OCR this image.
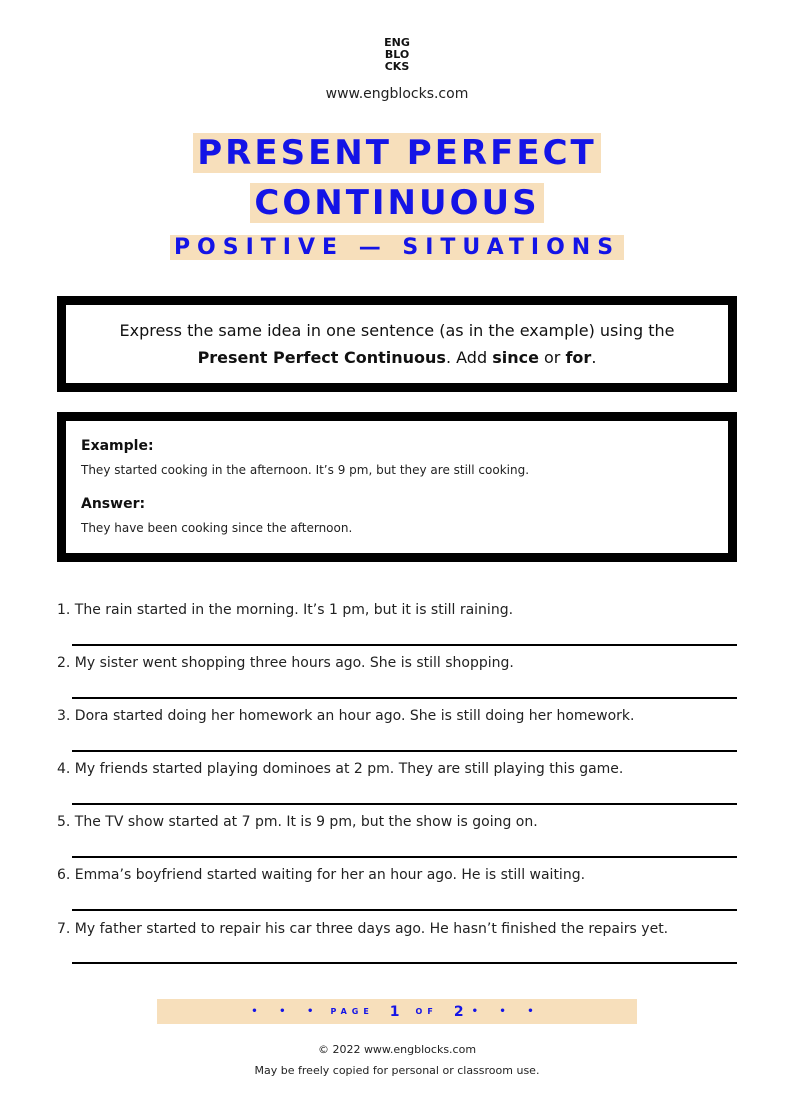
ENG
BLO
CKS
www.engblocks.com
PRESENT PERFECT
CONTINUOUS
POSITIVE — SITUATIONS
Express the same idea in one sentence (as in the example) using the
Present Perfect Continuous. Add since or for.
Example:
They started cooking in the afternoon. It’s 9 pm, but they are still cooking.
Answer:
They have been cooking since the afternoon.
1. The rain started in the morning. It’s 1 pm, but it is still raining.
2. My sister went shopping three hours ago. She is still shopping.
3. Dora started doing her homework an hour ago. She is still doing her homework.
4. My friends started playing dominoes at 2 pm. They are still playing this game.
5. The TV show started at 7 pm. It is 9 pm, but the show is going on.
6. Emma’s boyfriend started waiting for her an hour ago. He is still waiting.
7. My father started to repair his car three days ago. He hasn’t finished the repairs yet.
• • • PAGE 1 OF 2 • • •
© 2022 www.engblocks.com
May be freely copied for personal or classroom use.
